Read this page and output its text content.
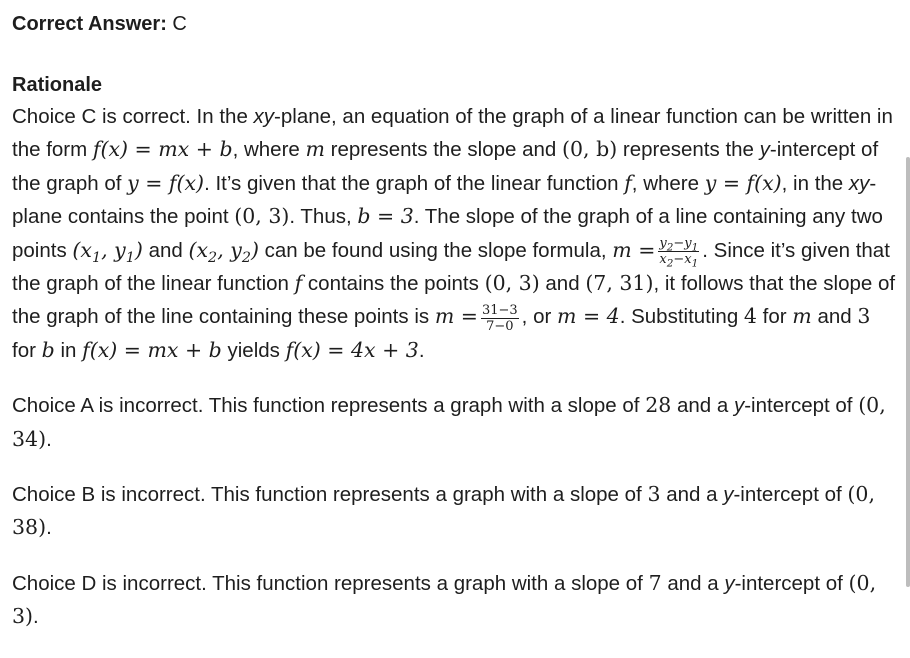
Correct Answer: C
Rationale

Choice C is correct. In the xy-plane, an equation of the graph of a linear function can be written in the form f(x) = mx + b, where m represents the slope and (0, b) represents the y-intercept of the graph of y = f(x). It’s given that the graph of the linear function f, where y = f(x), in the xy-plane contains the point (0, 3). Thus, b = 3. The slope of the graph of a line containing any two points ($x_1$, $y_1$) and ($x_2$, $y_2$) can be found using the slope formula, $m = \frac{y_2-y_1}{x_2-x_1}$ . Since it’s given that the graph of the linear function f contains the points (0, 3) and (7, 31), it follows that the slope of the graph of the line containing these points is $m = \frac{31-3}{7-0}$ , or m = 4. Substituting 4 for m and 3 for b in f(x) = mx + b yields f(x) = 4x + 3.

Choice A is incorrect. This function represents a graph with a slope of 28 and a y-intercept of (0, 34).

Choice B is incorrect. This function represents a graph with a slope of 3 and a y-intercept of (0, 38).

Choice D is incorrect. This function represents a graph with a slope of 7 and a y-intercept of (0, 3).
